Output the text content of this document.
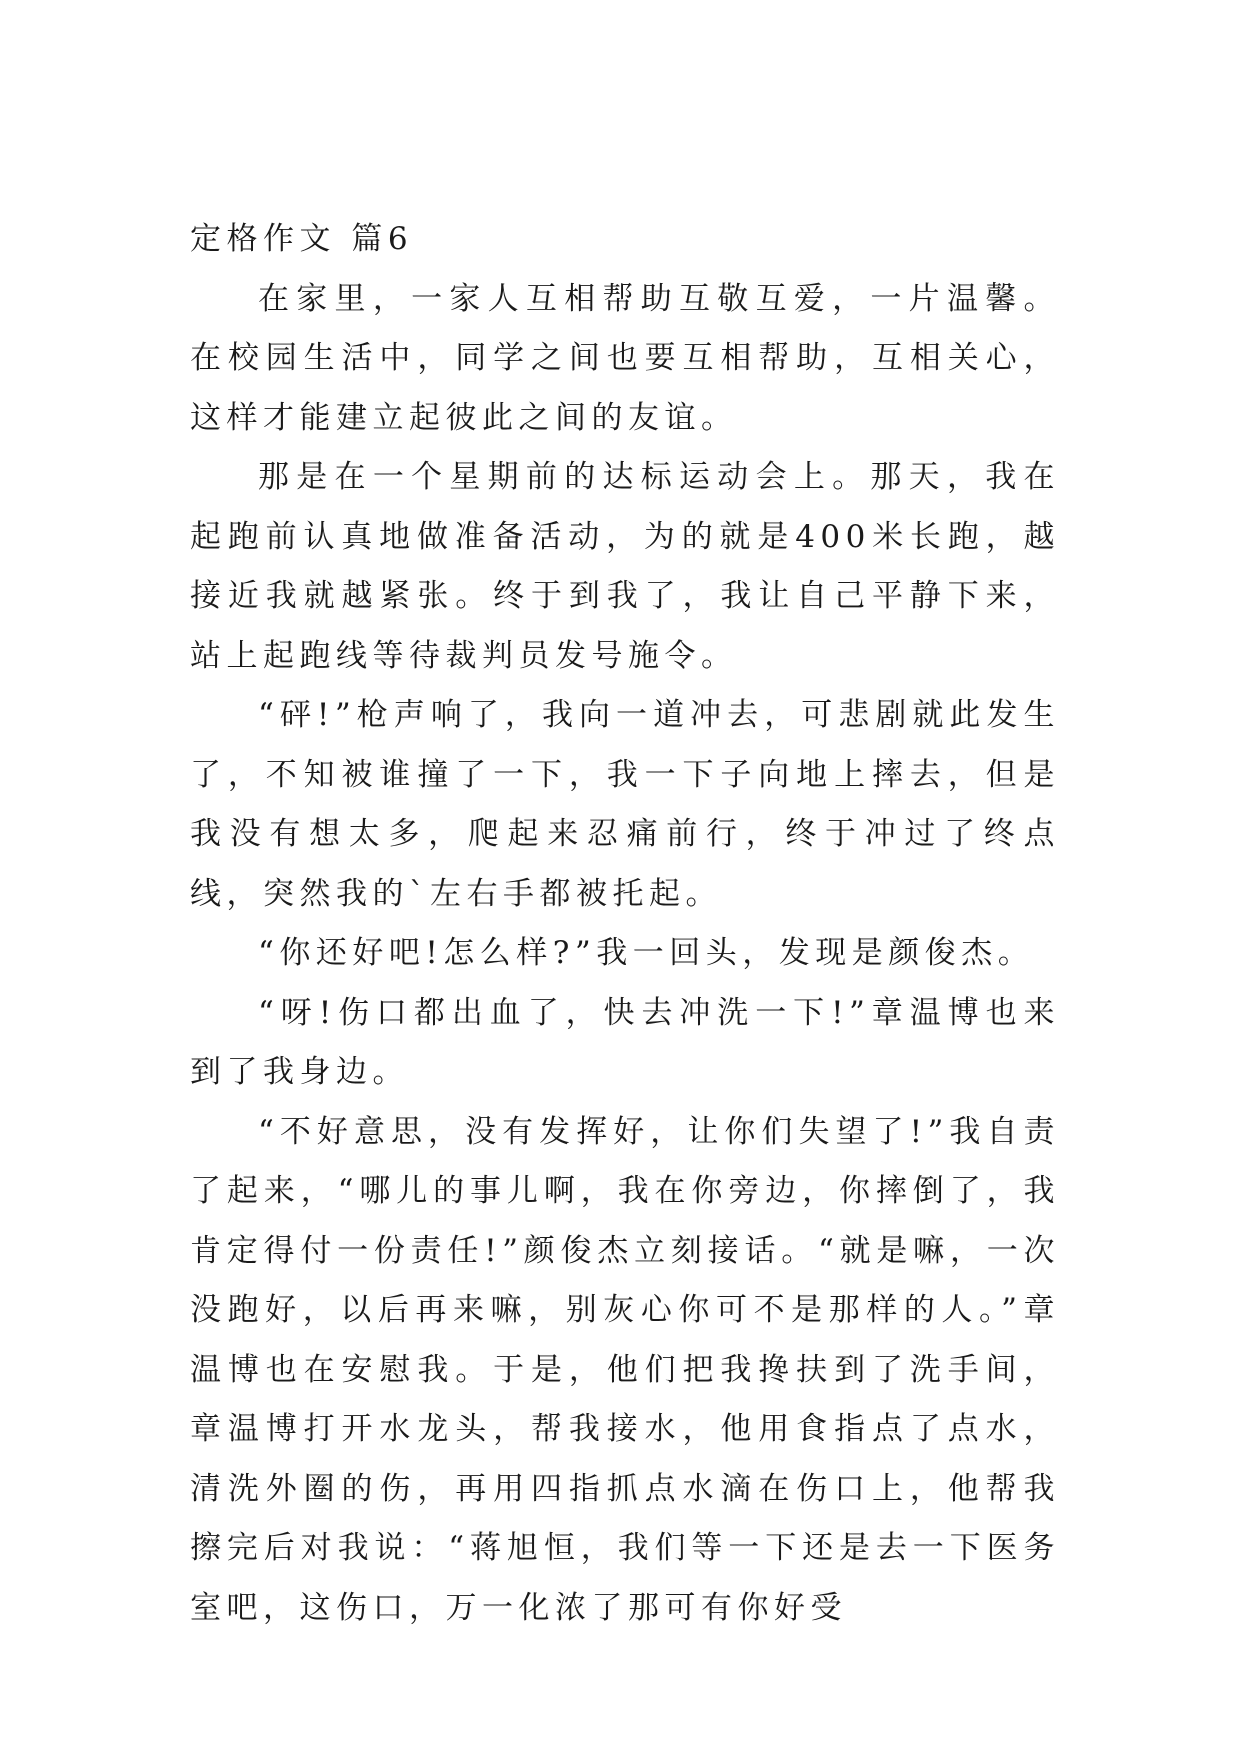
定格作文 篇6

在家里，一家人互相帮助互敬互爱，一片温馨。在校园生活中，同学之间也要互相帮助，互相关心，这样才能建立起彼此之间的友谊。

那是在一个星期前的达标运动会上。那天，我在起跑前认真地做准备活动，为的就是400米长跑，越接近我就越紧张。终于到我了，我让自己平静下来，站上起跑线等待裁判员发号施令。

“砰!”枪声响了，我向一道冲去，可悲剧就此发生了，不知被谁撞了一下，我一下子向地上摔去，但是我没有想太多，爬起来忍痛前行，终于冲过了终点线，突然我的`左右手都被托起。

“你还好吧!怎么样?”我一回头，发现是颜俊杰。

“呀!伤口都出血了，快去冲洗一下!”章温博也来到了我身边。

“不好意思，没有发挥好，让你们失望了!”我自责了起来，“哪儿的事儿啊，我在你旁边，你摔倒了，我肯定得付一份责任!”颜俊杰立刻接话。“就是嘛，一次没跑好，以后再来嘛，别灰心你可不是那样的人。”章温博也在安慰我。于是，他们把我搀扶到了洗手间，章温博打开水龙头，帮我接水，他用食指点了点水，清洗外圈的伤，再用四指抓点水滴在伤口上，他帮我擦完后对我说：“蒋旭恒，我们等一下还是去一下医务室吧，这伤口，万一化浓了那可有你好受
